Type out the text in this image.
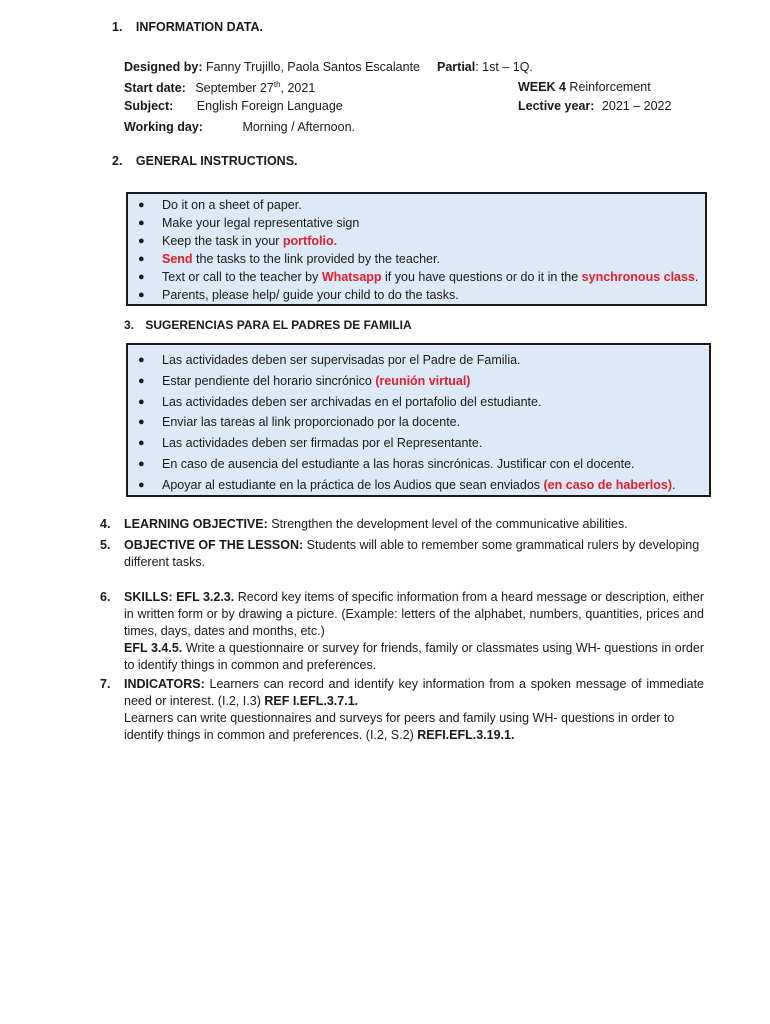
1. INFORMATION DATA.
Designed by: Fanny Trujillo, Paola Santos Escalante Partial: 1st – 1Q.
Start date: September 27th, 2021	WEEK 4 Reinforcement
Subject: English Foreign Language	Lective year: 2021 – 2022
Working day:	Morning / Afternoon.
2. GENERAL INSTRUCTIONS.
● Do it on a sheet of paper.
● Make your legal representative sign
● Keep the task in your portfolio.
● Send the tasks to the link provided by the teacher.
● Text or call to the teacher by Whatsapp if you have questions or do it in the synchronous class.
● Parents, please help/ guide your child to do the tasks.
3. SUGERENCIAS PARA EL PADRES DE FAMILIA
● Las actividades deben ser supervisadas por el Padre de Familia.
● Estar pendiente del horario sincrónico (reunión virtual)
● Las actividades deben ser archivadas en el portafolio del estudiante.
● Enviar las tareas al link proporcionado por la docente.
● Las actividades deben ser firmadas por el Representante.
● En caso de ausencia del estudiante a las horas sincrónicas. Justificar con el docente.
● Apoyar al estudiante en la práctica de los Audios que sean enviados (en caso de haberlos).
4. LEARNING OBJECTIVE: Strengthen the development level of the communicative abilities.
5. OBJECTIVE OF THE LESSON: Students will able to remember some grammatical rulers by developing different tasks.
6. SKILLS: EFL 3.2.3. Record key items of specific information from a heard message or description, either in written form or by drawing a picture. (Example: letters of the alphabet, numbers, quantities, prices and times, days, dates and months, etc.)
EFL 3.4.5. Write a questionnaire or survey for friends, family or classmates using WH- questions in order to identify things in common and preferences.
7. INDICATORS: Learners can record and identify key information from a spoken message of immediate need or interest. (I.2, I.3) REF I.EFL.3.7.1.
Learners can write questionnaires and surveys for peers and family using WH- questions in order to identify things in common and preferences. (I.2, S.2) REFI.EFL.3.19.1.
